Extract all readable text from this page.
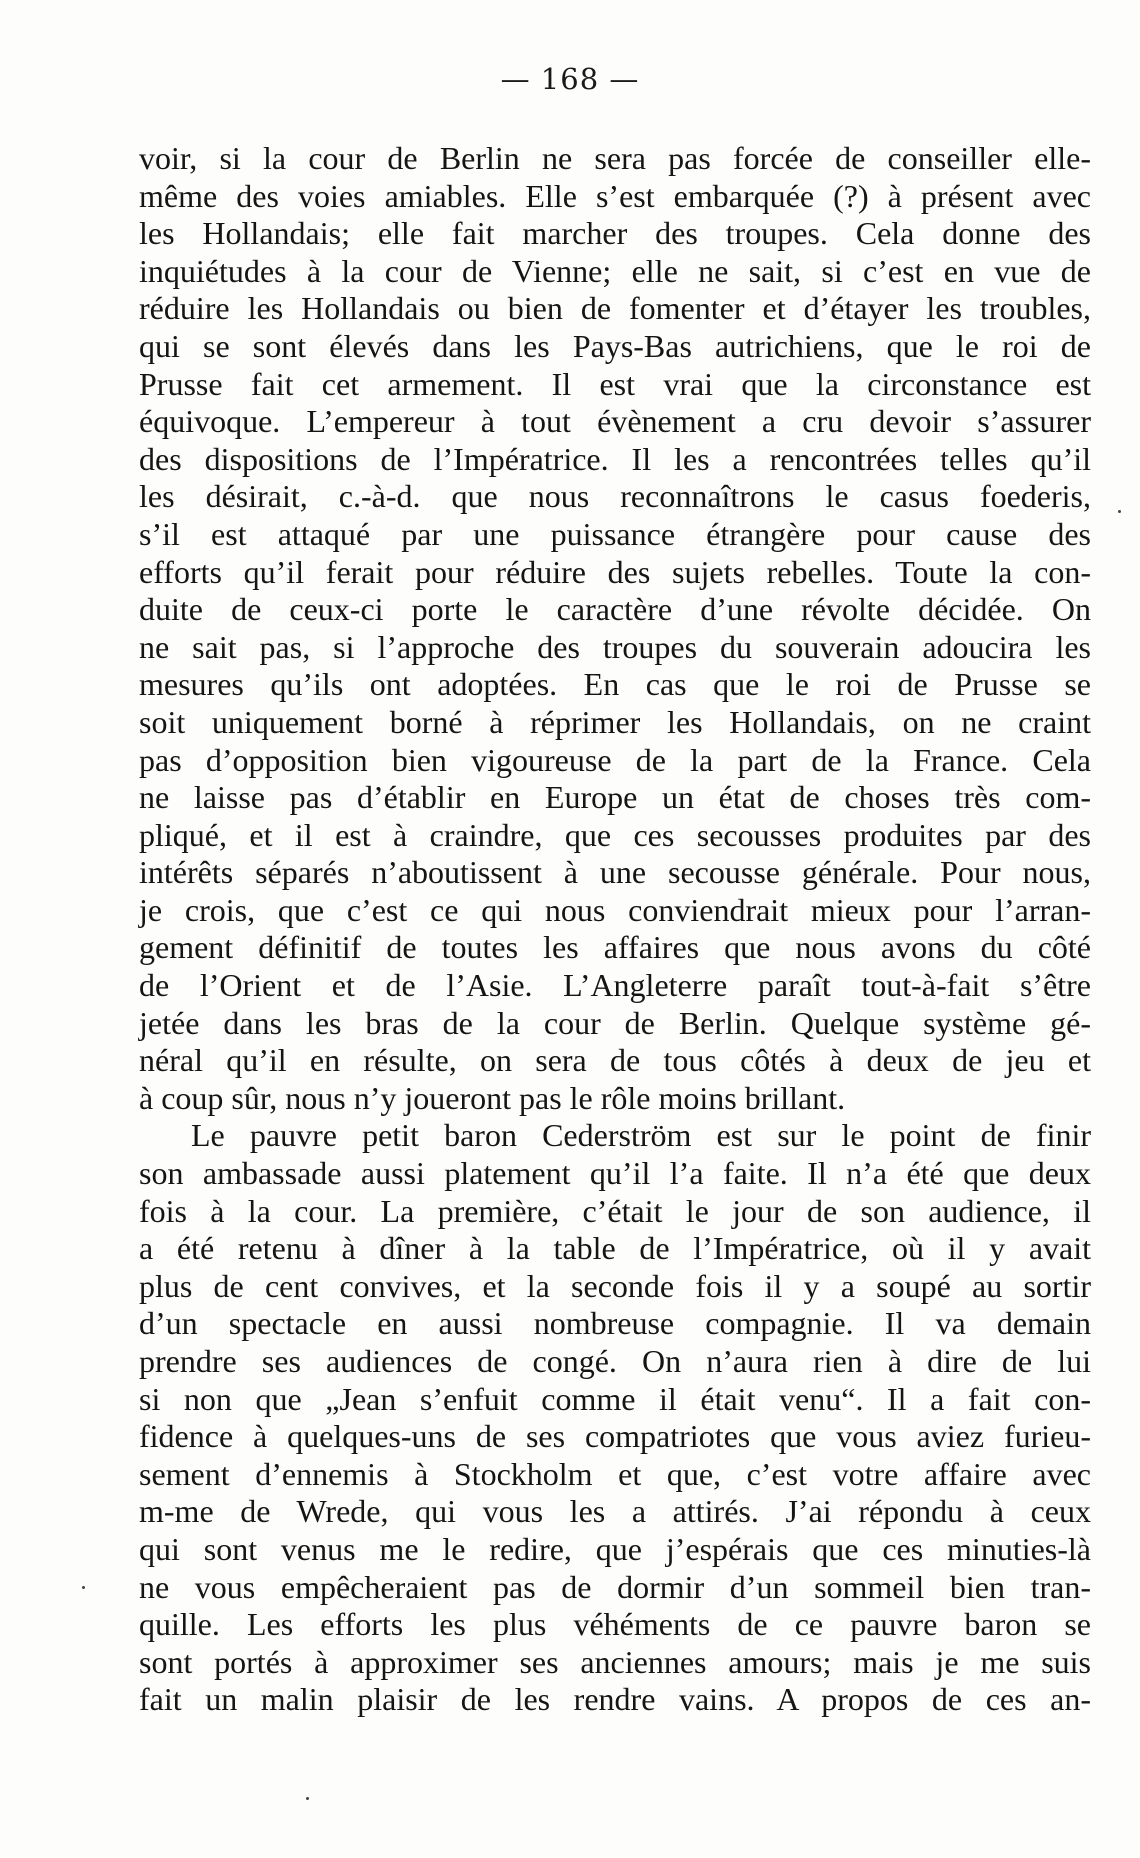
— 168 —
voir, si la cour de Berlin ne sera pas forcée de conseiller elle-
même des voies amiables. Elle s’est embarquée (?) à présent avec
les Hollandais; elle fait marcher des troupes. Cela donne des
inquiétudes à la cour de Vienne; elle ne sait, si c’est en vue de
réduire les Hollandais ou bien de fomenter et d’étayer les troubles,
qui se sont élevés dans les Pays-Bas autrichiens, que le roi de
Prusse fait cet armement. Il est vrai que la circonstance est
équivoque. L’empereur à tout évènement a cru devoir s’assurer
des dispositions de l’Impératrice. Il les a rencontrées telles qu’il
les désirait, c.-à-d. que nous reconnaîtrons le casus foederis,
s’il est attaqué par une puissance étrangère pour cause des
efforts qu’il ferait pour réduire des sujets rebelles. Toute la con-
duite de ceux-ci porte le caractère d’une révolte décidée. On
ne sait pas, si l’approche des troupes du souverain adoucira les
mesures qu’ils ont adoptées. En cas que le roi de Prusse se
soit uniquement borné à réprimer les Hollandais, on ne craint
pas d’opposition bien vigoureuse de la part de la France. Cela
ne laisse pas d’établir en Europe un état de choses très com-
pliqué, et il est à craindre, que ces secousses produites par des
intérêts séparés n’aboutissent à une secousse générale. Pour nous,
je crois, que c’est ce qui nous conviendrait mieux pour l’arran-
gement définitif de toutes les affaires que nous avons du côté
de l’Orient et de l’Asie. L’Angleterre paraît tout-à-fait s’être
jetée dans les bras de la cour de Berlin. Quelque système gé-
néral qu’il en résulte, on sera de tous côtés à deux de jeu et
à coup sûr, nous n’y joueront pas le rôle moins brillant.
Le pauvre petit baron Cederström est sur le point de finir
son ambassade aussi platement qu’il l’a faite. Il n’a été que deux
fois à la cour. La première, c’était le jour de son audience, il
a été retenu à dîner à la table de l’Impératrice, où il y avait
plus de cent convives, et la seconde fois il y a soupé au sortir
d’un spectacle en aussi nombreuse compagnie. Il va demain
prendre ses audiences de congé. On n’aura rien à dire de lui
si non que „Jean s’enfuit comme il était venu“. Il a fait con-
fidence à quelques-uns de ses compatriotes que vous aviez furieu-
sement d’ennemis à Stockholm et que, c’est votre affaire avec
m-me de Wrede, qui vous les a attirés. J’ai répondu à ceux
qui sont venus me le redire, que j’espérais que ces minuties-là
ne vous empêcheraient pas de dormir d’un sommeil bien tran-
quille. Les efforts les plus véhéments de ce pauvre baron se
sont portés à approximer ses anciennes amours; mais je me suis
fait un malin plaisir de les rendre vains. A propos de ces an-
